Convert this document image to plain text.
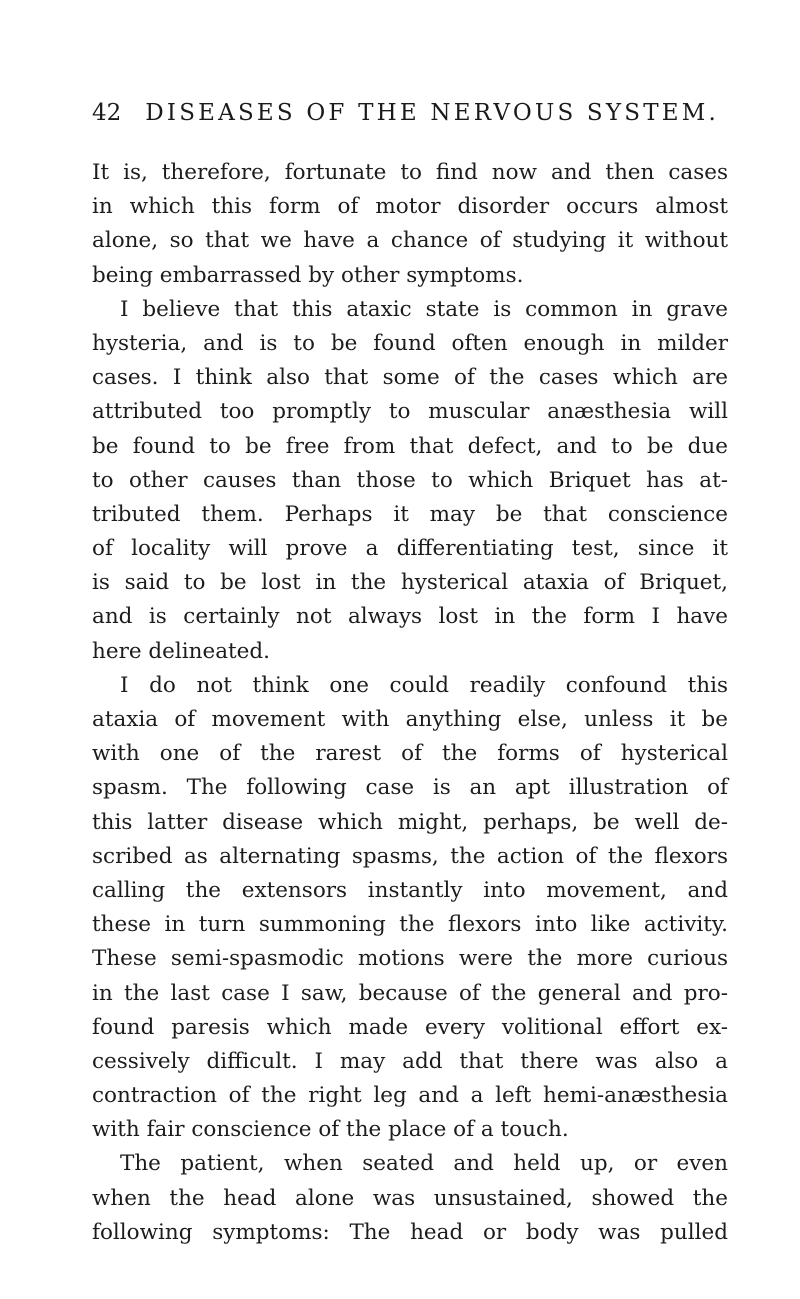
42 DISEASES OF THE NERVOUS SYSTEM.
It is, therefore, fortunate to find now and then cases
in which this form of motor disorder occurs almost
alone, so that we have a chance of studying it without
being embarrassed by other symptoms.
I believe that this ataxic state is common in grave
hysteria, and is to be found often enough in milder
cases. I think also that some of the cases which are
attributed too promptly to muscular anæsthesia will
be found to be free from that defect, and to be due
to other causes than those to which Briquet has at-
tributed them. Perhaps it may be that conscience
of locality will prove a differentiating test, since it
is said to be lost in the hysterical ataxia of Briquet,
and is certainly not always lost in the form I have
here delineated.
I do not think one could readily confound this
ataxia of movement with anything else, unless it be
with one of the rarest of the forms of hysterical
spasm. The following case is an apt illustration of
this latter disease which might, perhaps, be well de-
scribed as alternating spasms, the action of the flexors
calling the extensors instantly into movement, and
these in turn summoning the flexors into like activity.
These semi-spasmodic motions were the more curious
in the last case I saw, because of the general and pro-
found paresis which made every volitional effort ex-
cessively difficult. I may add that there was also a
contraction of the right leg and a left hemi-anæsthesia
with fair conscience of the place of a touch.
The patient, when seated and held up, or even
when the head alone was unsustained, showed the
following symptoms: The head or body was pulled
